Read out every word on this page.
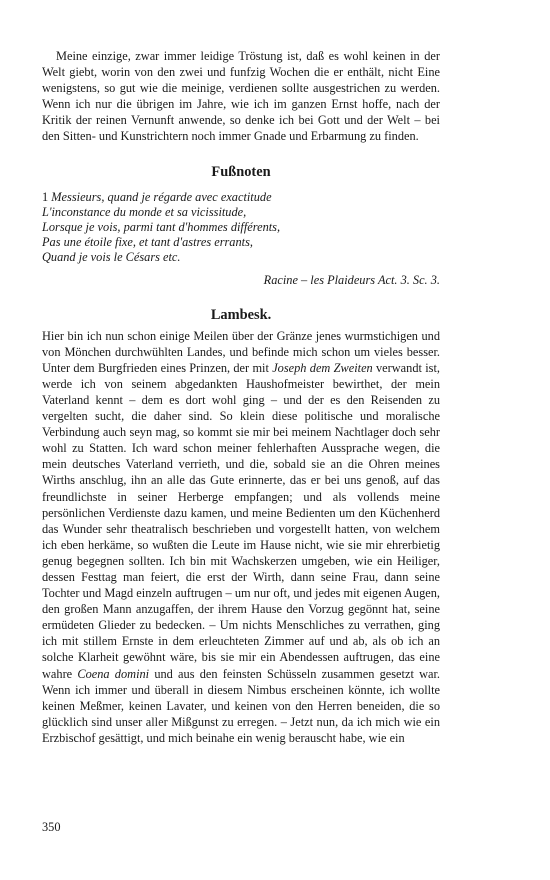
Meine einzige, zwar immer leidige Tröstung ist, daß es wohl keinen in der Welt giebt, worin von den zwei und funfzig Wochen die er enthält, nicht Eine wenigstens, so gut wie die meinige, verdienen sollte ausgestrichen zu werden. Wenn ich nur die übrigen im Jahre, wie ich im ganzen Ernst hoffe, nach der Kritik der reinen Vernunft anwende, so denke ich bei Gott und der Welt – bei den Sitten- und Kunstrichtern noch immer Gnade und Erbarmung zu finden.

Fußnoten
1 Messieurs, quand je régarde avec exactitude
L'inconstance du monde et sa vicissitude,
Lorsque je vois, parmi tant d'hommes différents,
Pas une étoile fixe, et tant d'astres errants,
Quand je vois le Césars etc.
Racine – les Plaideurs Act. 3. Sc. 3.
Lambesk.

Hier bin ich nun schon einige Meilen über der Gränze jenes wurmstichigen und von Mönchen durchwühlten Landes, und befinde mich schon um vieles besser. Unter dem Burgfrieden eines Prinzen, der mit Joseph dem Zweiten verwandt ist, werde ich von seinem abgedankten Haushofmeister bewirthet, der mein Vaterland kennt – dem es dort wohl ging – und der es den Reisenden zu vergelten sucht, die daher sind. So klein diese politische und moralische Verbindung auch seyn mag, so kommt sie mir bei meinem Nachtlager doch sehr wohl zu Statten. Ich ward schon meiner fehlerhaften Aussprache wegen, die mein deutsches Vaterland verrieth, und die, sobald sie an die Ohren meines Wirths anschlug, ihn an alle das Gute erinnerte, das er bei uns genoß, auf das freundlichste in seiner Herberge empfangen; und als vollends meine persönlichen Verdienste dazu kamen, und meine Bedienten um den Küchenherd das Wunder sehr theatralisch beschrieben und vorgestellt hatten, von welchem ich eben herkäme, so wußten die Leute im Hause nicht, wie sie mir ehrerbietig genug begegnen sollten. Ich bin mit Wachskerzen umgeben, wie ein Heiliger, dessen Festtag man feiert, die erst der Wirth, dann seine Frau, dann seine Tochter und Magd einzeln auftrugen – um nur oft, und jedes mit eigenen Augen, den großen Mann anzugaffen, der ihrem Hause den Vorzug gegönnt hat, seine ermüdeten Glieder zu bedecken. – Um nichts Menschliches zu verrathen, ging ich mit stillem Ernste in dem erleuchteten Zimmer auf und ab, als ob ich an solche Klarheit gewöhnt wäre, bis sie mir ein Abendessen auftrugen, das eine wahre Coena domini und aus den feinsten Schüsseln zusammen gesetzt war. Wenn ich immer und überall in diesem Nimbus erscheinen könnte, ich wollte keinen Meßmer, keinen Lavater, und keinen von den Herren beneiden, die so glücklich sind unser aller Mißgunst zu erregen. – Jetzt nun, da ich mich wie ein Erzbischof gesättigt, und mich beinahe ein wenig berauscht habe, wie ein

350
